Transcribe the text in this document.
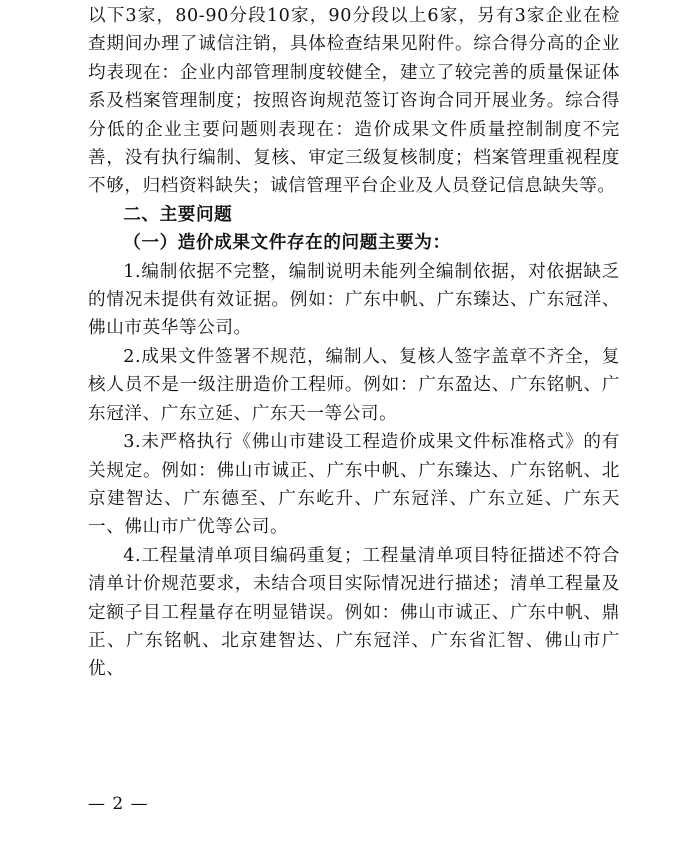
以下3家，80-90分段10家，90分段以上6家，另有3家企业在检查期间办理了诚信注销，具体检查结果见附件。综合得分高的企业均表现在：企业内部管理制度较健全，建立了较完善的质量保证体系及档案管理制度；按照咨询规范签订咨询合同开展业务。综合得分低的企业主要问题则表现在：造价成果文件质量控制制度不完善，没有执行编制、复核、审定三级复核制度；档案管理重视程度不够，归档资料缺失；诚信管理平台企业及人员登记信息缺失等。

二、主要问题

（一）造价成果文件存在的问题主要为：

1.编制依据不完整，编制说明未能列全编制依据，对依据缺乏的情况未提供有效证据。例如：广东中帆、广东臻达、广东冠洋、佛山市英华等公司。

2.成果文件签署不规范，编制人、复核人签字盖章不齐全，复核人员不是一级注册造价工程师。例如：广东盈达、广东铭帆、广东冠洋、广东立延、广东天一等公司。

3.未严格执行《佛山市建设工程造价成果文件标准格式》的有关规定。例如：佛山市诚正、广东中帆、广东臻达、广东铭帆、北京建智达、广东德至、广东屹升、广东冠洋、广东立延、广东天一、佛山市广优等公司。

4.工程量清单项目编码重复；工程量清单项目特征描述不符合清单计价规范要求，未结合项目实际情况进行描述；清单工程量及定额子目工程量存在明显错误。例如：佛山市诚正、广东中帆、鼎正、广东铭帆、北京建智达、广东冠洋、广东省汇智、佛山市广优、

— 2 —
